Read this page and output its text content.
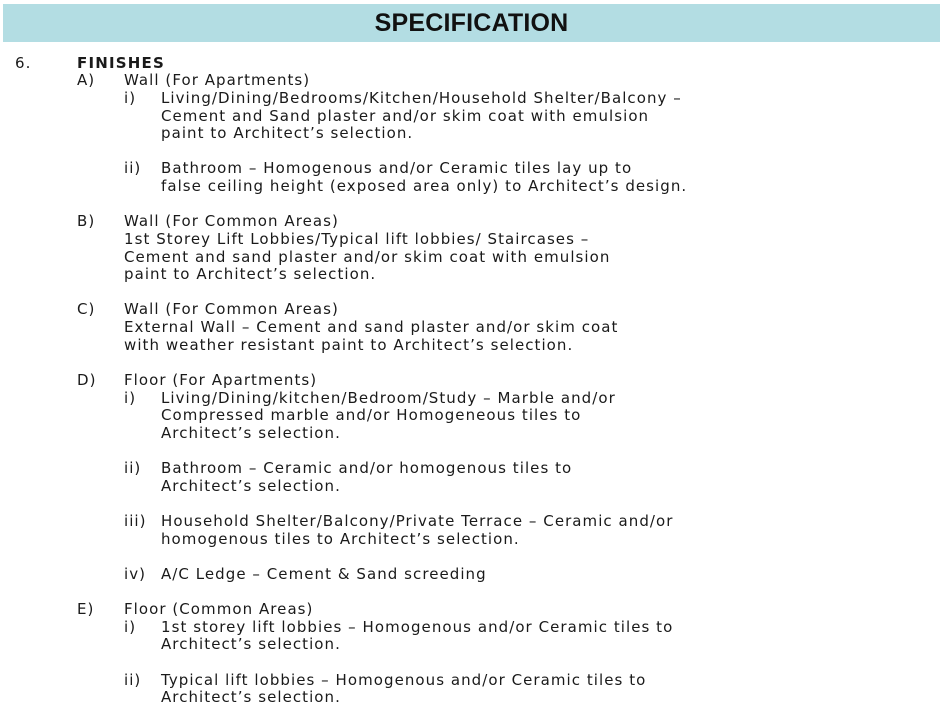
SPECIFICATION
6.	FINISHES
A) Wall (For Apartments)
i) Living/Dining/Bedrooms/Kitchen/Household Shelter/Balcony –
Cement and Sand plaster and/or skim coat with emulsion
paint to Architect’s selection.
ii) Bathroom – Homogenous and/or Ceramic tiles lay up to
false ceiling height (exposed area only) to Architect’s design.
B) Wall (For Common Areas)
1st Storey Lift Lobbies/Typical lift lobbies/ Staircases –
Cement and sand plaster and/or skim coat with emulsion
paint to Architect’s selection.
C) Wall (For Common Areas)
External Wall – Cement and sand plaster and/or skim coat
with weather resistant paint to Architect’s selection.
D) Floor (For Apartments)
i) Living/Dining/kitchen/Bedroom/Study – Marble and/or
Compressed marble and/or Homogeneous tiles to
Architect’s selection.
ii) Bathroom – Ceramic and/or homogenous tiles to
Architect’s selection.
iii) Household Shelter/Balcony/Private Terrace – Ceramic and/or
homogenous tiles to Architect’s selection.
iv) A/C Ledge – Cement & Sand screeding
E) Floor (Common Areas)
i) 1st storey lift lobbies – Homogenous and/or Ceramic tiles to
Architect’s selection.
ii) Typical lift lobbies – Homogenous and/or Ceramic tiles to
Architect’s selection.
